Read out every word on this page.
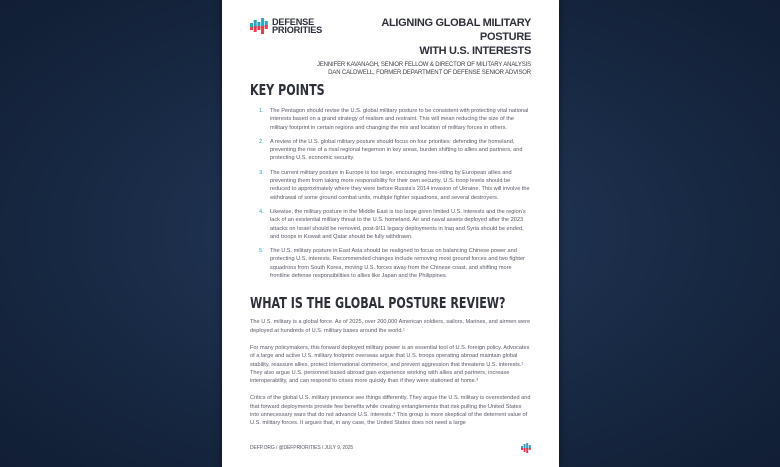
DEFENSE
PRIORITIES
ALIGNING GLOBAL MILITARY POSTURE
WITH U.S. INTERESTS
JENNIFER KAVANAGH, SENIOR FELLOW & DIRECTOR OF MILITARY ANALYSIS
DAN CALDWELL, FORMER DEPARTMENT OF DEFENSE SENIOR ADVISOR
KEY POINTS
1.	The Pentagon should revise the U.S. global military posture to be consistent with protecting vital national interests based on a grand strategy of realism and restraint. This will mean reducing the size of the military footprint in certain regions and changing the mix and location of military forces in others.
2.	A review of the U.S. global military posture should focus on four priorities: defending the homeland, preventing the rise of a rival regional hegemon in key areas, burden shifting to allies and partners, and protecting U.S. economic security.
3.	The current military posture in Europe is too large, encouraging free-riding by European allies and preventing them from taking more responsibility for their own security. U.S. troop levels should be reduced to approximately where they were before Russia's 2014 invasion of Ukraine. This will involve the withdrawal of some ground combat units, multiple fighter squadrons, and several destroyers.
4.	Likewise, the military posture in the Middle East is too large given limited U.S. interests and the region's lack of an existential military threat to the U.S. homeland. Air and naval assets deployed after the 2023 attacks on Israel should be removed, post-9/11 legacy deployments in Iraq and Syria should be ended, and troops in Kuwait and Qatar should be fully withdrawn.
5.	The U.S. military posture in East Asia should be realigned to focus on balancing Chinese power and protecting U.S. interests. Recommended changes include removing most ground forces and two fighter squadrons from South Korea, moving U.S. forces away from the Chinese coast, and shifting more frontline defense responsibilities to allies like Japan and the Philippines.
WHAT IS THE GLOBAL POSTURE REVIEW?

The U.S. military is a global force. As of 2025, over 200,000 American soldiers, sailors, Marines, and airmen were deployed at hundreds of U.S. military bases around the world.¹

For many policymakers, this forward deployed military power is an essential tool of U.S. foreign policy. Advocates of a large and active U.S. military footprint overseas argue that U.S. troops operating abroad maintain global stability, reassure allies, protect international commerce, and prevent aggression that threatens U.S. interests.² They also argue U.S. personnel based abroad gain experience working with allies and partners, increase interoperability, and can respond to crises more quickly than if they were stationed at home.³

Critics of the global U.S. military presence see things differently. They argue the U.S. military is overextended and that forward deployments provide few benefits while creating entanglements that risk pulling the United States into unnecessary wars that do not advance U.S. interests.⁴ This group is more skeptical of the deterrent value of U.S. military forces. It argues that, in any case, the United States does not need a large

DEFP.ORG / @DEFPRIORITIES / JULY 9, 2025
